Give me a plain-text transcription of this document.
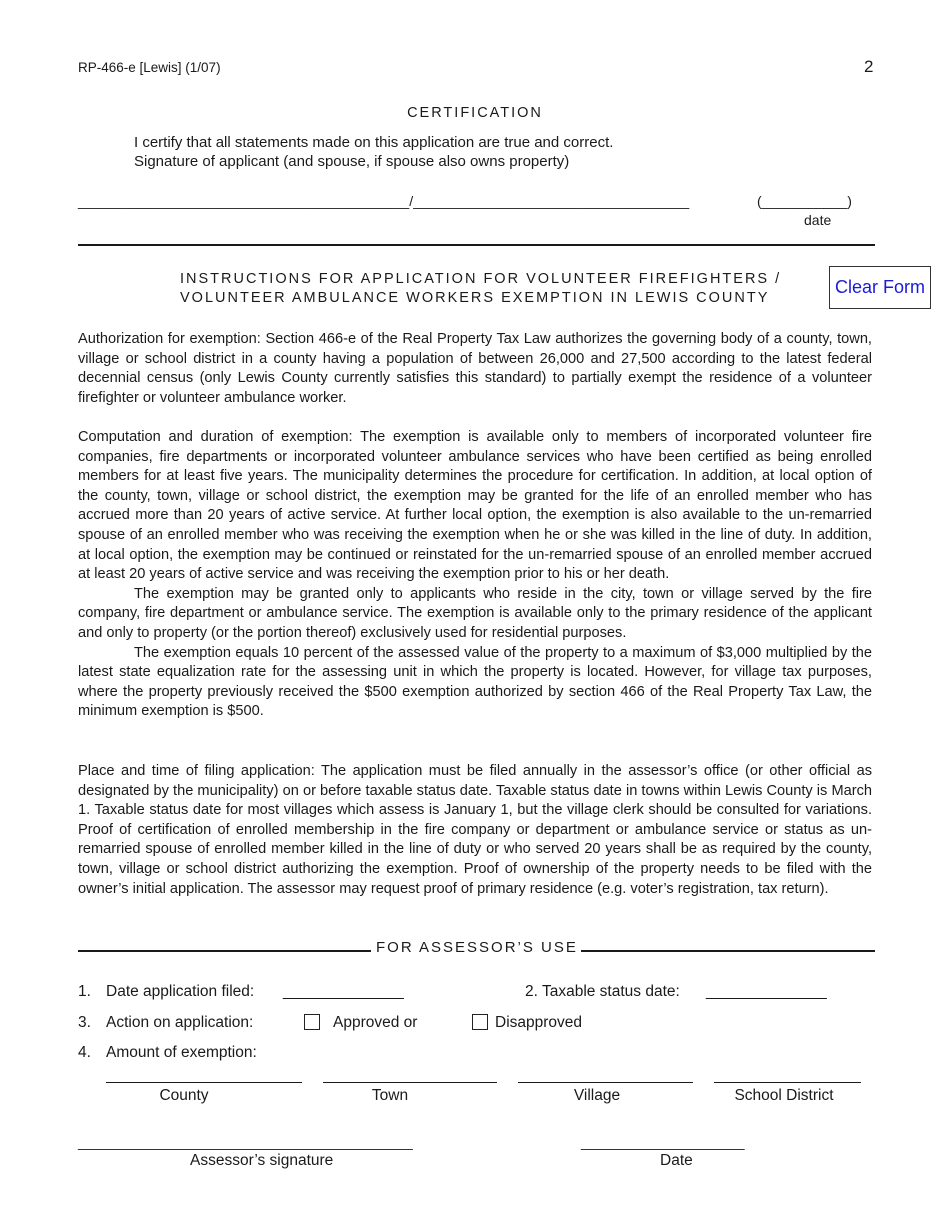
RP-466-e [Lewis] (1/07)	2
CERTIFICATION
I certify that all statements made on this application are true and correct.
Signature of applicant (and spouse, if spouse also owns property)
__________________________________________/___________________________________	(___________)
date
INSTRUCTIONS FOR APPLICATION FOR VOLUNTEER FIREFIGHTERS /
VOLUNTEER AMBULANCE WORKERS EXEMPTION IN LEWIS COUNTY
Clear Form

Authorization for exemption: Section 466-e of the Real Property Tax Law authorizes the governing body of a county, town, village or school district in a county having a population of between 26,000 and 27,500 according to the latest federal decennial census (only Lewis County currently satisfies this standard) to partially exempt the residence of a volunteer firefighter or volunteer ambulance worker.

Computation and duration of exemption: The exemption is available only to members of incorporated volunteer fire companies, fire departments or incorporated volunteer ambulance services who have been certified as being enrolled members for at least five years. The municipality determines the procedure for certification. In addition, at local option of the county, town, village or school district, the exemption may be granted for the life of an enrolled member who has accrued more than 20 years of active service. At further local option, the exemption is also available to the un-remarried spouse of an enrolled member who was receiving the exemption when he or she was killed in the line of duty. In addition, at local option, the exemption may be continued or reinstated for the un-remarried spouse of an enrolled member accrued at least 20 years of active service and was receiving the exemption prior to his or her death.

The exemption may be granted only to applicants who reside in the city, town or village served by the fire company, fire department or ambulance service. The exemption is available only to the primary residence of the applicant and only to property (or the portion thereof) exclusively used for residential purposes.

The exemption equals 10 percent of the assessed value of the property to a maximum of $3,000 multiplied by the latest state equalization rate for the assessing unit in which the property is located. However, for village tax purposes, where the property previously received the $500 exemption authorized by section 466 of the Real Property Tax Law, the minimum exemption is $500.

Place and time of filing application: The application must be filed annually in the assessor’s office (or other official as designated by the municipality) on or before taxable status date. Taxable status date in towns within Lewis County is March 1. Taxable status date for most villages which assess is January 1, but the village clerk should be consulted for variations. Proof of certification of enrolled membership in the fire company or department or ambulance service or status as un-remarried spouse of enrolled member killed in the line of duty or who served 20 years shall be as required by the county, town, village or school district authorizing the exemption. Proof of ownership of the property needs to be filed with the owner’s initial application. The assessor may request proof of primary residence (e.g. voter’s registration, tax return).

FOR ASSESSOR’S USE
1. Date application filed: ______________	2. Taxable status date: ______________
3. Action on application:	Approved or	Disapproved
4. Amount of exemption:
County	Town	Village	School District
___________________________________________
Assessor’s signature
_____________________
Date
